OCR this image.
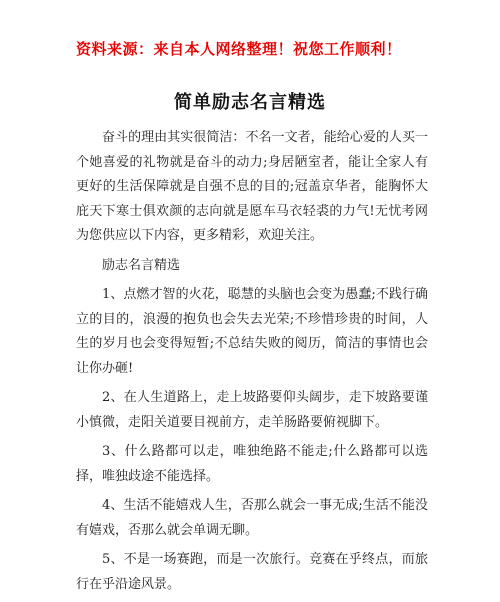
资料来源：来自本人网络整理！祝您工作顺利！
简单励志名言精选

奋斗的理由其实很简洁：不名一文者，能给心爱的人买一个她喜爱的礼物就是奋斗的动力;身居陋室者，能让全家人有更好的生活保障就是自强不息的目的;冠盖京华者，能胸怀大庇天下寒士俱欢颜的志向就是愿车马衣轻裘的力气!无忧考网为您供应以下内容，更多精彩，欢迎关注。

励志名言精选

1、点燃才智的火花，聪慧的头脑也会变为愚蠢;不践行确立的目的，浪漫的抱负也会失去光荣;不珍惜珍贵的时间，人生的岁月也会变得短暂;不总结失败的阅历，简洁的事情也会让你办砸!

2、在人生道路上，走上坡路要仰头阔步，走下坡路要谨小慎微，走阳关道要目视前方，走羊肠路要俯视脚下。

3、什么路都可以走，唯独绝路不能走;什么路都可以选择，唯独歧途不能选择。

4、生活不能嬉戏人生，否那么就会一事无成;生活不能没有嬉戏，否那么就会单调无聊。

5、不是一场赛跑，而是一次旅行。竞赛在乎终点，而旅行在乎沿途风景。
